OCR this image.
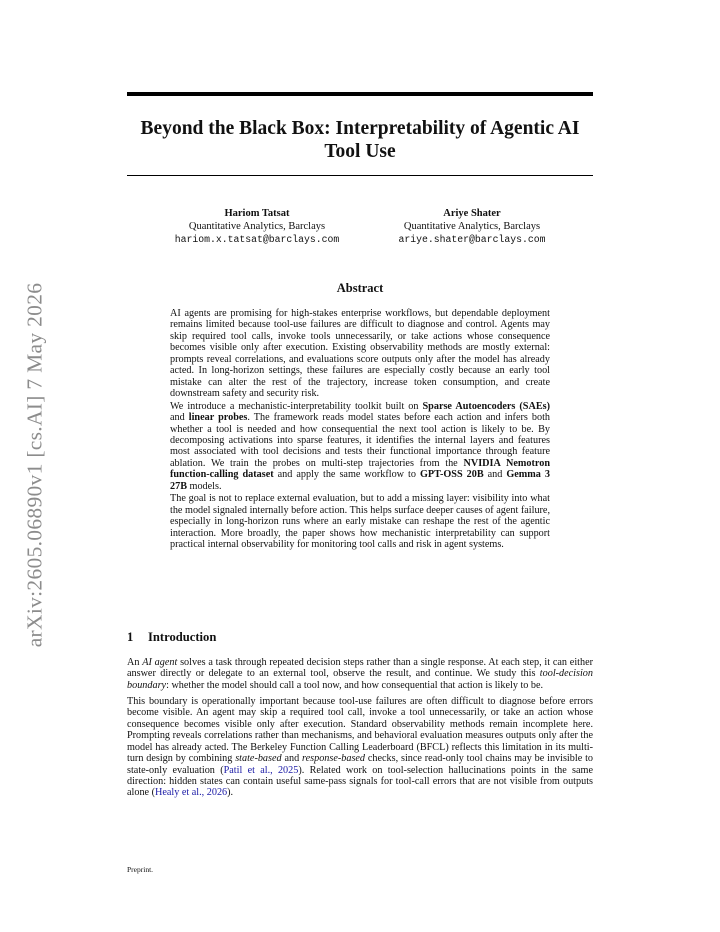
arXiv:2605.06890v1 [cs.AI] 7 May 2026
Beyond the Black Box: Interpretability of Agentic AI Tool Use
Hariom Tatsat
Quantitative Analytics, Barclays
hariom.x.tatsat@barclays.com
Ariye Shater
Quantitative Analytics, Barclays
ariye.shater@barclays.com
Abstract

AI agents are promising for high-stakes enterprise workflows, but dependable deployment remains limited because tool-use failures are difficult to diagnose and control. Agents may skip required tool calls, invoke tools unnecessarily, or take actions whose consequence becomes visible only after execution. Existing observability methods are mostly external: prompts reveal correlations, and evaluations score outputs only after the model has already acted. In long-horizon settings, these failures are especially costly because an early tool mistake can alter the rest of the trajectory, increase token consumption, and create downstream safety and security risk.

We introduce a mechanistic-interpretability toolkit built on Sparse Autoencoders (SAEs) and linear probes. The framework reads model states before each action and infers both whether a tool is needed and how consequential the next tool action is likely to be. By decomposing activations into sparse features, it identifies the internal layers and features most associated with tool decisions and tests their functional importance through feature ablation. We train the probes on multi-step trajectories from the NVIDIA Nemotron function-calling dataset and apply the same workflow to GPT-OSS 20B and Gemma 3 27B models.

The goal is not to replace external evaluation, but to add a missing layer: visibility into what the model signaled internally before action. This helps surface deeper causes of agent failure, especially in long-horizon runs where an early mistake can reshape the rest of the agentic interaction. More broadly, the paper shows how mechanistic interpretability can support practical internal observability for monitoring tool calls and risk in agent systems.

1 Introduction

An AI agent solves a task through repeated decision steps rather than a single response. At each step, it can either answer directly or delegate to an external tool, observe the result, and continue. We study this tool-decision boundary: whether the model should call a tool now, and how consequential that action is likely to be.

This boundary is operationally important because tool-use failures are often difficult to diagnose before errors become visible. An agent may skip a required tool call, invoke a tool unnecessarily, or take an action whose consequence becomes visible only after execution. Standard observability methods remain incomplete here. Prompting reveals correlations rather than mechanisms, and behavioral evaluation measures outputs only after the model has already acted. The Berkeley Function Calling Leaderboard (BFCL) reflects this limitation in its multi-turn design by combining state-based and response-based checks, since read-only tool chains may be invisible to state-only evaluation (Patil et al., 2025). Related work on tool-selection hallucinations points in the same direction: hidden states can contain useful same-pass signals for tool-call errors that are not visible from outputs alone (Healy et al., 2026).

Preprint.
